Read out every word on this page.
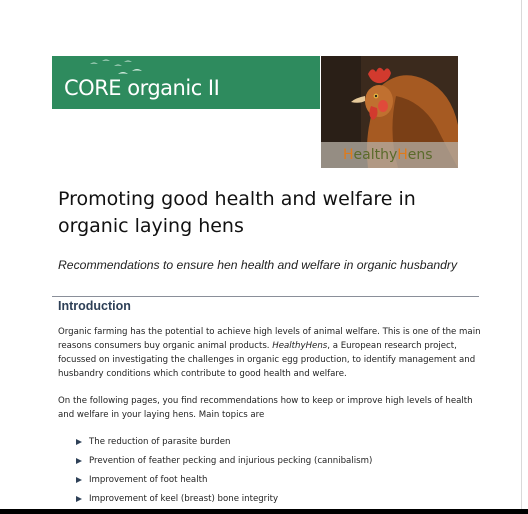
CORE organic II
HealthyHens
Promoting good health and welfare in organic laying hens
Recommendations to ensure hen health and welfare in organic husbandry
Introduction
Organic farming has the potential to achieve high levels of animal welfare. This is one of the main reasons consumers buy organic animal products. HealthyHens, a European research project, focussed on investigating the challenges in organic egg production, to identify management and husbandry conditions which contribute to good health and welfare.
On the following pages, you find recommendations how to keep or improve high levels of health and welfare in your laying hens. Main topics are
The reduction of parasite burden
Prevention of feather pecking and injurious pecking (cannibalism)
Improvement of foot health
Improvement of keel (breast) bone integrity
